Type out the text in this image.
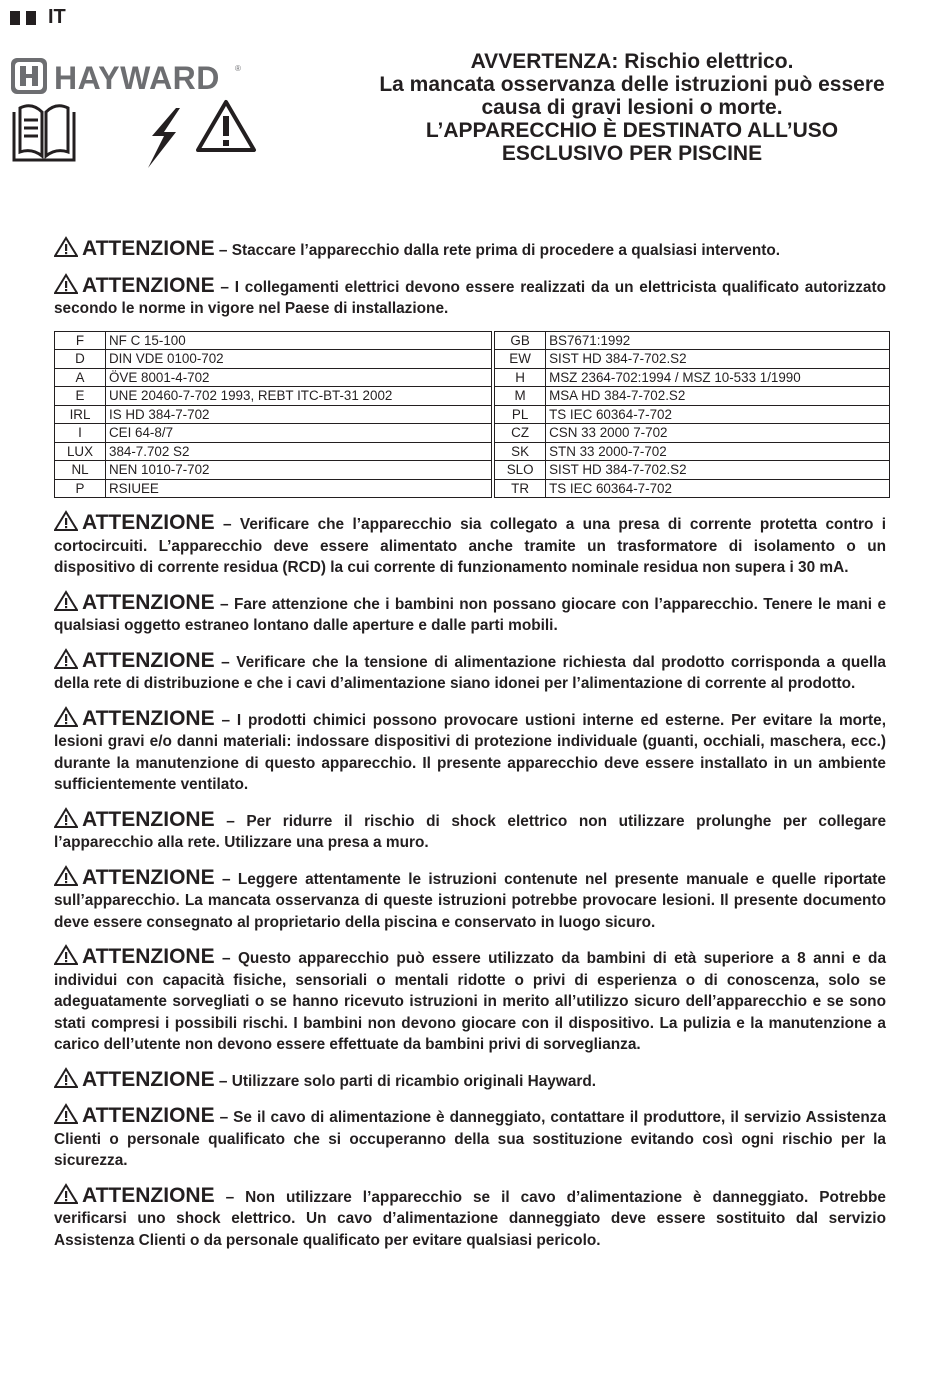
IT
HAYWARD ®	AVVERTENZA: Rischio elettrico.
La mancata osservanza delle istruzioni può essere
causa di gravi lesioni o morte.
L’APPARECCHIO È DESTINATO ALL’USO
ESCLUSIVO PER PISCINE

ATTENZIONE – Staccare l’apparecchio dalla rete prima di procedere a qualsiasi intervento.

ATTENZIONE – I collegamenti elettrici devono essere realizzati da un elettricista qualificato autorizzato secondo le norme in vigore nel Paese di installazione.

F	NF C 15-100		GB	BS7671:1992
D	DIN VDE 0100-702		EW	SIST HD 384-7-702.S2
A	ÖVE 8001-4-702		H	MSZ 2364-702:1994 / MSZ 10-533 1/1990
E	UNE 20460-7-702 1993, REBT ITC-BT-31 2002		M	MSA HD 384-7-702.S2
IRL	IS HD 384-7-702		PL	TS IEC 60364-7-702
I	CEI 64-8/7		CZ	CSN 33 2000 7-702
LUX	384-7.702 S2		SK	STN 33 2000-7-702
NL	NEN 1010-7-702		SLO	SIST HD 384-7-702.S2
P	RSIUEE		TR	TS IEC 60364-7-702

ATTENZIONE – Verificare che l’apparecchio sia collegato a una presa di corrente protetta contro i cortocircuiti. L’apparecchio deve essere alimentato anche tramite un trasformatore di isolamento o un dispositivo di corrente residua (RCD) la cui corrente di funzionamento nominale residua non supera i 30 mA.

ATTENZIONE – Fare attenzione che i bambini non possano giocare con l’apparecchio. Tenere le mani e qualsiasi oggetto estraneo lontano dalle aperture e dalle parti mobili.

ATTENZIONE – Verificare che la tensione di alimentazione richiesta dal prodotto corrisponda a quella della rete di distribuzione e che i cavi d’alimentazione siano idonei per l’alimentazione di corrente al prodotto.

ATTENZIONE – I prodotti chimici possono provocare ustioni interne ed esterne. Per evitare la morte, lesioni gravi e/o danni materiali: indossare dispositivi di protezione individuale (guanti, occhiali, maschera, ecc.) durante la manutenzione di questo apparecchio. Il presente apparecchio deve essere installato in un ambiente sufficientemente ventilato.

ATTENZIONE – Per ridurre il rischio di shock elettrico non utilizzare prolunghe per collegare l’apparecchio alla rete. Utilizzare una presa a muro.

ATTENZIONE – Leggere attentamente le istruzioni contenute nel presente manuale e quelle riportate sull’apparecchio. La mancata osservanza di queste istruzioni potrebbe provocare lesioni. Il presente documento deve essere consegnato al proprietario della piscina e conservato in luogo sicuro.

ATTENZIONE – Questo apparecchio può essere utilizzato da bambini di età superiore a 8 anni e da individui con capacità fisiche, sensoriali o mentali ridotte o privi di esperienza o di conoscenza, solo se adeguatamente sorvegliati o se hanno ricevuto istruzioni in merito all’utilizzo sicuro dell’apparecchio e se sono stati compresi i possibili rischi. I bambini non devono giocare con il dispositivo. La pulizia e la manutenzione a carico dell’utente non devono essere effettuate da bambini privi di sorveglianza.

ATTENZIONE – Utilizzare solo parti di ricambio originali Hayward.

ATTENZIONE – Se il cavo di alimentazione è danneggiato, contattare il produttore, il servizio Assistenza Clienti o personale qualificato che si occuperanno della sua sostituzione evitando così ogni rischio per la sicurezza.

ATTENZIONE – Non utilizzare l’apparecchio se il cavo d’alimentazione è danneggiato. Potrebbe verificarsi uno shock elettrico. Un cavo d’alimentazione danneggiato deve essere sostituito dal servizio Assistenza Clienti o da personale qualificato per evitare qualsiasi pericolo.
